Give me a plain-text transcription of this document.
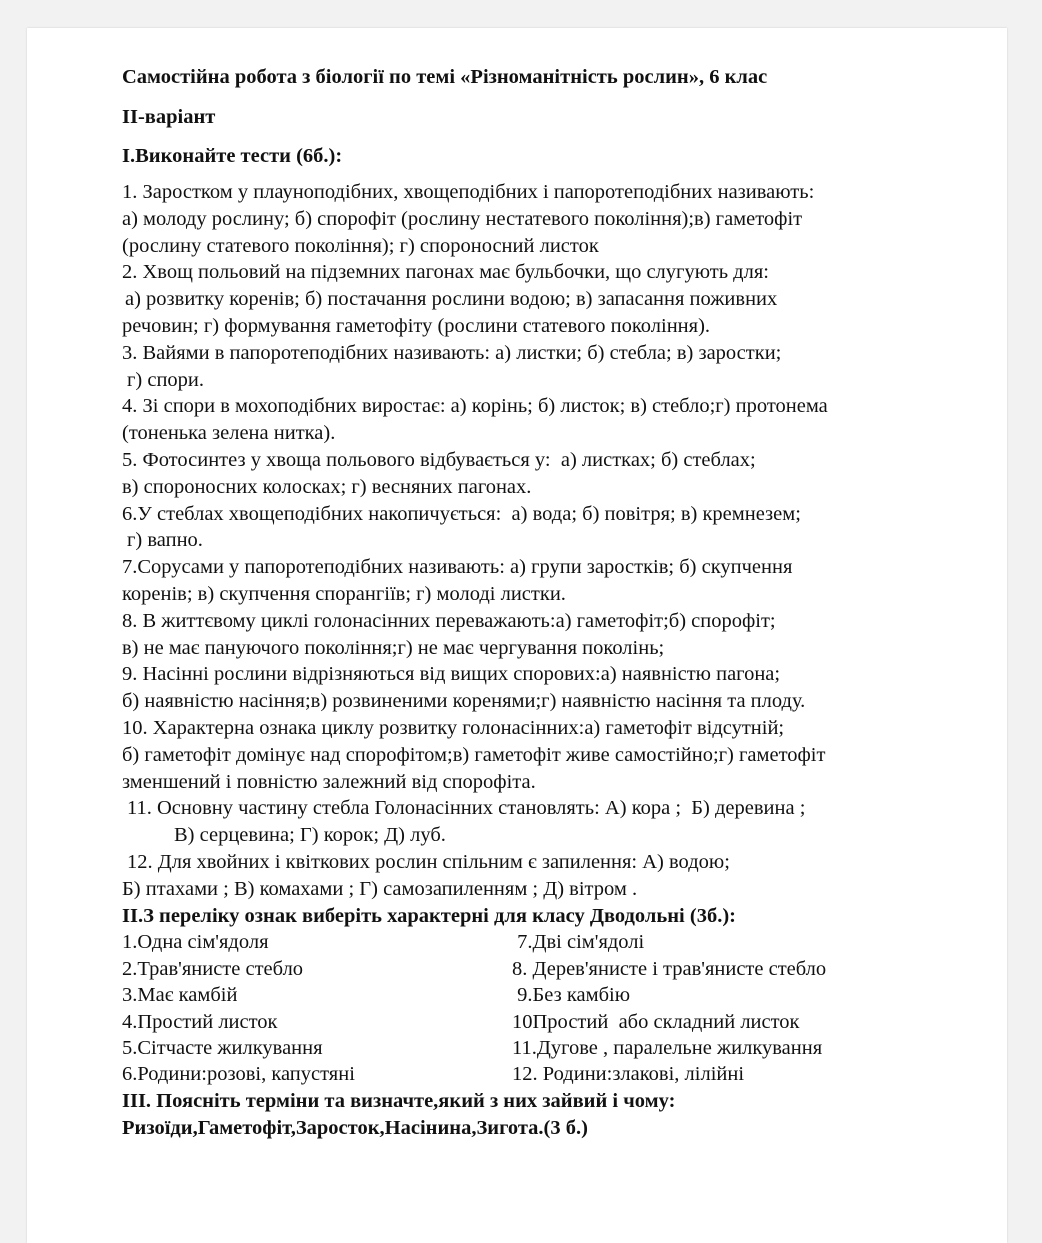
Самостійна робота з біології по темі «Різноманітність рослин», 6 клас
ІІ-варіант
І.Виконайте тести (6б.):
1. Заростком у плауноподібних, хвощеподібних і папоротеподібних називають:
а) молоду рослину; б) спорофіт (рослину нестатевого покоління);в) гаметофіт
(рослину статевого покоління); г) спороносний листок
2. Хвощ польовий на підземних пагонах має бульбочки, що слугують для:
а) розвитку коренів; б) постачання рослини водою; в) запасання поживних
речовин; г) формування гаметофіту (рослини статевого покоління).
3. Вайями в папоротеподібних називають: а) листки; б) стебла; в) заростки;
г) спори.
4. Зі спори в мохоподібних виростає: а) корінь; б) листок; в) стебло;г) протонема
(тоненька зелена нитка).
5. Фотосинтез у хвоща польового відбувається у:  а) листках; б) стеблах;
в) спороносних колосках; г) весняних пагонах.
6.У стеблах хвощеподібних накопичується:  а) вода; б) повітря; в) кремнезем;
г) вапно.
7.Сорусами у папоротеподібних називають: а) групи заростків; б) скупчення
коренів; в) скупчення спорангіїв; г) молоді листки.
8. В життєвому циклі голонасінних переважають:а) гаметофіт;б) спорофіт;
в) не має пануючого покоління;г) не має чергування поколінь;
9. Насінні рослини відрізняються від вищих спорових:а) наявністю пагона;
б) наявністю насіння;в) розвиненими коренями;г) наявністю насіння та плоду.
10. Характерна ознака циклу розвитку голонасінних:а) гаметофіт відсутній;
б) гаметофіт домінує над спорофітом;в) гаметофіт живе самостійно;г) гаметофіт
зменшений і повністю залежний від спорофіта.
11. Основну частину стебла Голонасінних становлять: А) кора ;  Б) деревина ;
В) серцевина; Г) корок; Д) луб.
12. Для хвойних і квіткових рослин спільним є запилення: А) водою;
Б) птахами ; В) комахами ; Г) самозапиленням ; Д) вітром .
ІІ.З переліку ознак виберіть характерні для класу Дводольні (3б.):
1.Одна сім'ядоля	7.Дві сім'ядолі
2.Трав'янисте стебло	8. Дерев'янисте і трав'янисте стебло
3.Має камбій	9.Без камбію
4.Простий листок	10Простий  або складний листок
5.Сітчасте жилкування	11.Дугове , паралельне жилкування
6.Родини:розові, капустяні	12. Родини:злакові, лілійні
ІІІ. Поясніть терміни та визначте,який з них зайвий і чому:
Ризоїди,Гаметофіт,Заросток,Насінина,Зигота.(3 б.)
